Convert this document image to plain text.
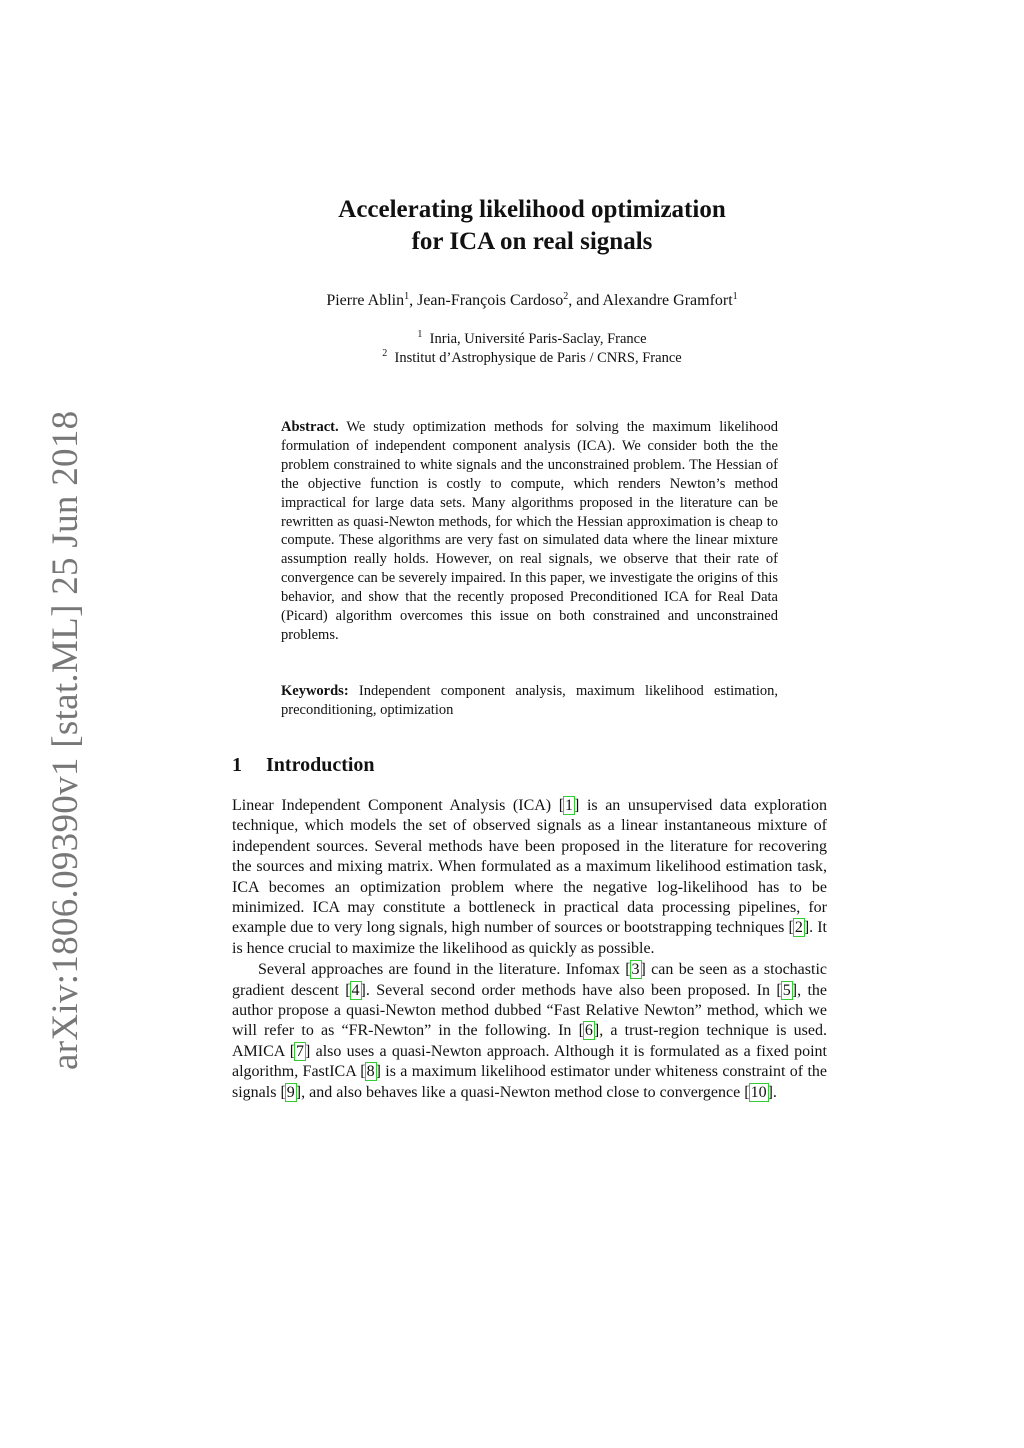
arXiv:1806.09390v1 [stat.ML] 25 Jun 2018
Accelerating likelihood optimization
for ICA on real signals
Pierre Ablin$^1$, Jean-François Cardoso$^2$, and Alexandre Gramfort$^1$
$^1$ Inria, Université Paris-Saclay, France
$^2$ Institut d’Astrophysique de Paris / CNRS, France

Abstract. We study optimization methods for solving the maximum likelihood formulation of independent component analysis (ICA). We consider both the the problem constrained to white signals and the unconstrained problem. The Hessian of the objective function is costly to compute, which renders Newton’s method impractical for large data sets. Many algorithms proposed in the literature can be rewritten as quasi-Newton methods, for which the Hessian approximation is cheap to compute. These algorithms are very fast on simulated data where the linear mixture assumption really holds. However, on real signals, we observe that their rate of convergence can be severely impaired. In this paper, we investigate the origins of this behavior, and show that the recently proposed Preconditioned ICA for Real Data (Picard) algorithm overcomes this issue on both constrained and unconstrained problems.

Keywords: Independent component analysis, maximum likelihood estimation, preconditioning, optimization

1 Introduction

Linear Independent Component Analysis (ICA) [1] is an unsupervised data exploration technique, which models the set of observed signals as a linear instantaneous mixture of independent sources. Several methods have been proposed in the literature for recovering the sources and mixing matrix. When formulated as a maximum likelihood estimation task, ICA becomes an optimization problem where the negative log-likelihood has to be minimized. ICA may constitute a bottleneck in practical data processing pipelines, for example due to very long signals, high number of sources or bootstrapping techniques [2]. It is hence crucial to maximize the likelihood as quickly as possible.

Several approaches are found in the literature. Infomax [3] can be seen as a stochastic gradient descent [4]. Several second order methods have also been proposed. In [5], the author propose a quasi-Newton method dubbed “Fast Relative Newton” method, which we will refer to as “FR-Newton” in the following. In [6], a trust-region technique is used. AMICA [7] also uses a quasi-Newton approach. Although it is formulated as a fixed point algorithm, FastICA [8] is a maximum likelihood estimator under whiteness constraint of the signals [9], and also behaves like a quasi-Newton method close to convergence [10].
